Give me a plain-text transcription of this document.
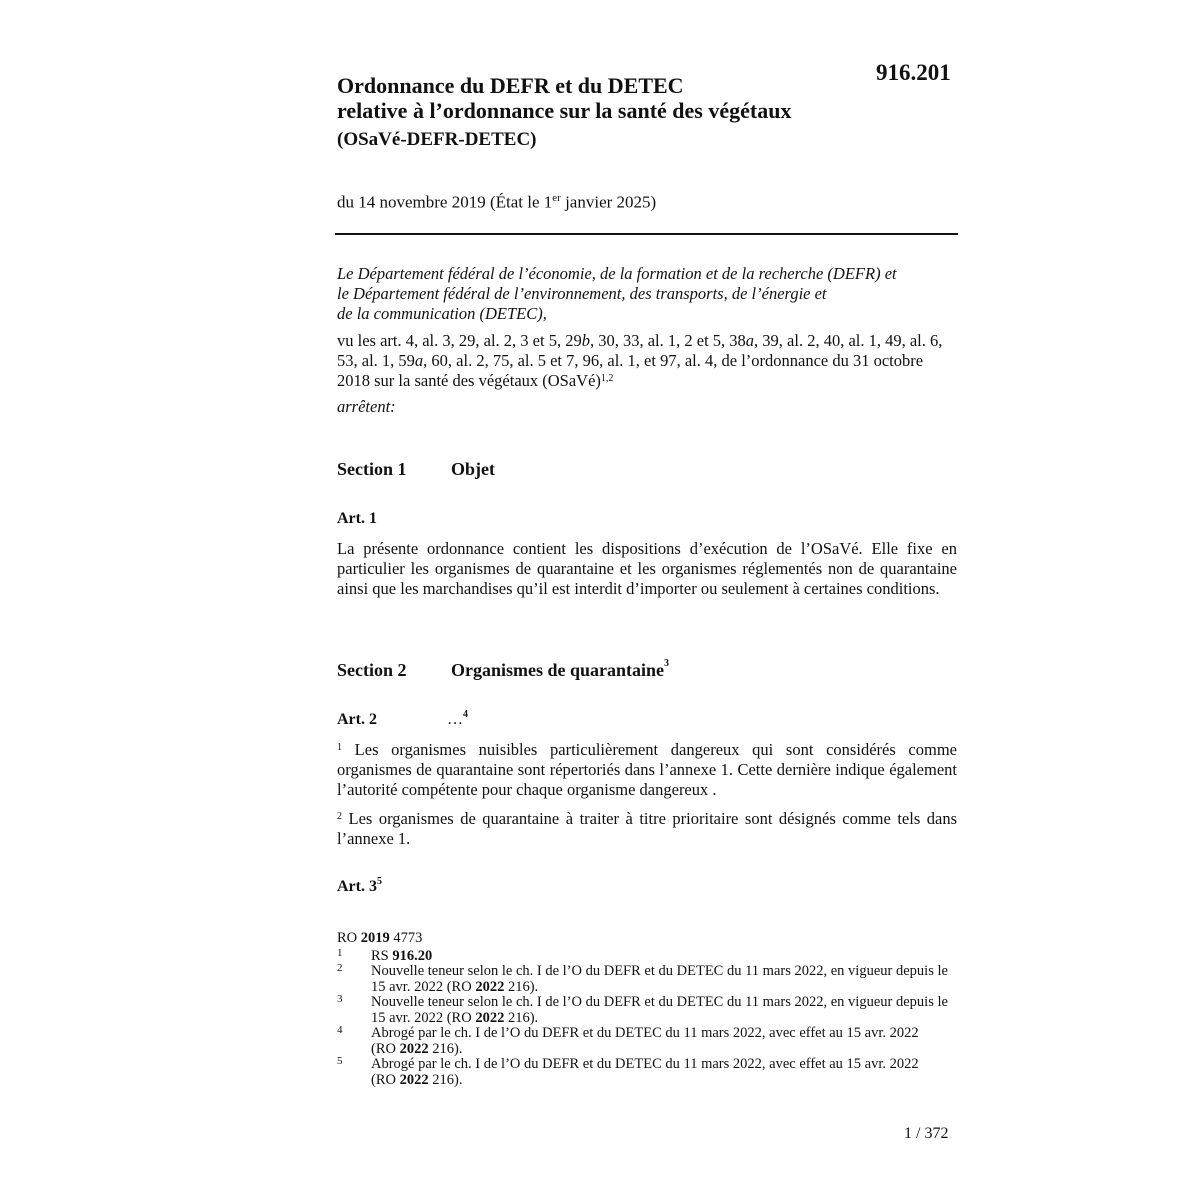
916.201
Ordonnance du DEFR et du DETEC
relative à l’ordonnance sur la santé des végétaux
(OSaVé-DEFR-DETEC)
du 14 novembre 2019 (État le 1er janvier 2025)
Le Département fédéral de l’économie, de la formation et de la recherche (DEFR) et
le Département fédéral de l’environnement, des transports, de l’énergie et
de la communication (DETEC),
vu les art. 4, al. 3, 29, al. 2, 3 et 5, 29b, 30, 33, al. 1, 2 et 5, 38a, 39, al. 2, 40, al. 1, 49, al. 6, 53, al. 1, 59a, 60, al. 2, 75, al. 5 et 7, 96, al. 1, et 97, al. 4, de l’ordonnance du 31 octobre 2018 sur la santé des végétaux (OSaVé)$^{1,2}$
arrêtent:
Section 1 Objet
Art. 1
La présente ordonnance contient les dispositions d’exécution de l’OSaVé. Elle fixe en particulier les organismes de quarantaine et les organismes réglementés non de quarantaine ainsi que les marchandises qu’il est interdit d’importer ou seulement à certaines conditions.
Section 2 Organismes de quarantaine$^3$
Art. 2	…$^4$
$^1$ Les organismes nuisibles particulièrement dangereux qui sont considérés comme organismes de quarantaine sont répertoriés dans l’annexe 1. Cette dernière indique également l’autorité compétente pour chaque organisme dangereux .
$^2$ Les organismes de quarantaine à traiter à titre prioritaire sont désignés comme tels dans l’annexe 1.
Art. 3$^5$
RO 2019 4773
1 RS 916.20
2 Nouvelle teneur selon le ch. I de l’O du DEFR et du DETEC du 11 mars 2022, en vigueur depuis le 15 avr. 2022 (RO 2022 216).
3 Nouvelle teneur selon le ch. I de l’O du DEFR et du DETEC du 11 mars 2022, en vigueur depuis le 15 avr. 2022 (RO 2022 216).
4 Abrogé par le ch. I de l’O du DEFR et du DETEC du 11 mars 2022, avec effet au 15 avr. 2022 (RO 2022 216).
5 Abrogé par le ch. I de l’O du DEFR et du DETEC du 11 mars 2022, avec effet au 15 avr. 2022 (RO 2022 216).
1 / 372
